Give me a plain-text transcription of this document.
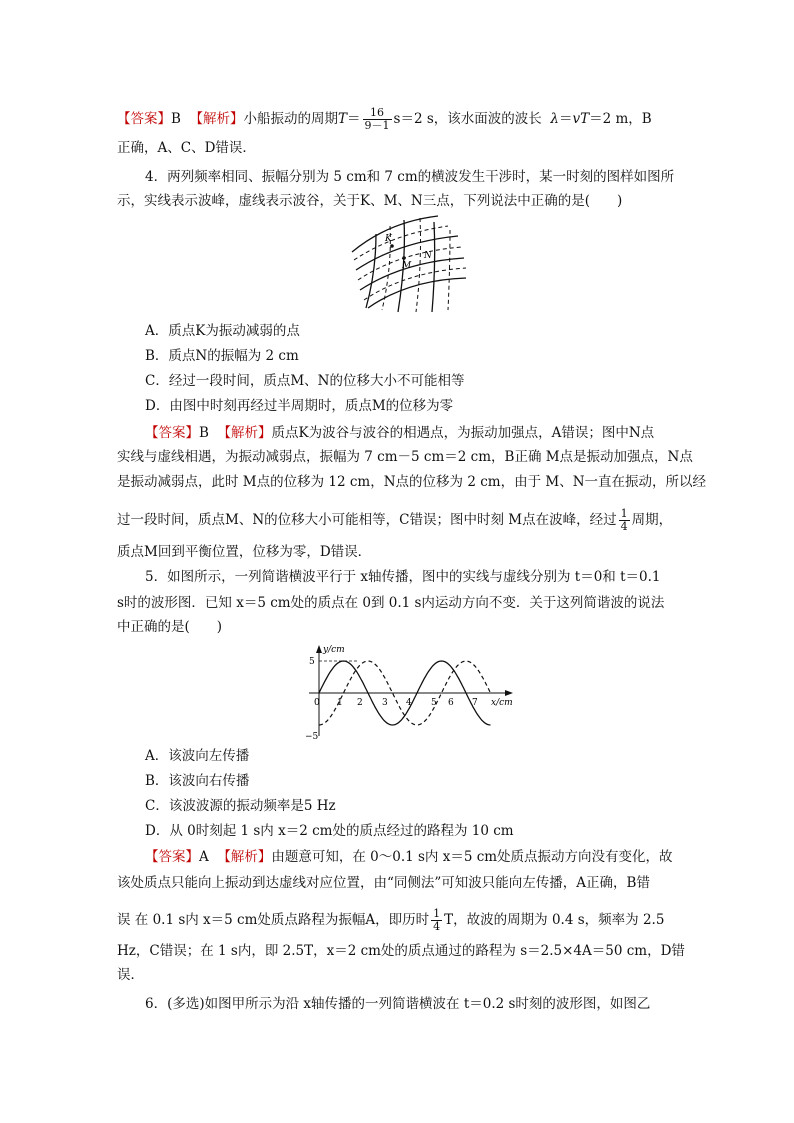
【答案】B 【解析】小船振动的周期$T= \frac{16}{9-1} s=2$ s，该水面波的波长 λ＝vT＝2 m，B
正确，A、C、D错误．
4．两列频率相同、振幅分别为 5 cm和 7 cm的横波发生干涉时，某一时刻的图样如图所
示，实线表示波峰，虚线表示波谷，关于K、M、N三点，下列说法中正确的是(　　)
K
M
N
A．质点K为振动减弱的点
B．质点N的振幅为 2 cm
C．经过一段时间，质点M、N的位移大小不可能相等
D．由图中时刻再经过半周期时，质点M的位移为零
【答案】B 【解析】质点K为波谷与波谷的相遇点，为振动加强点，A错误；图中N点
实线与虚线相遇，为振动减弱点，振幅为 7 cm－5 cm＝2 cm，B正确 M点是振动加强点，N点
是振动减弱点，此时 M点的位移为 12 cm，N点的位移为 2 cm，由于 M、N一直在振动，所以经
过一段时间，质点M、N的位移大小可能相等，C错误；图中时刻 M点在波峰，经过 $\frac{1}{4}$ 周期，
质点M回到平衡位置，位移为零，D错误．
5．如图所示，一列简谐横波平行于 x轴传播，图中的实线与虚线分别为 t＝0和 t＝0.1
s时的波形图．已知 x＝5 cm处的质点在 0到 0.1 s内运动方向不变．关于这列简谐波的说法
中正确的是(　　)
y/cm
x/cm
5
−5
0 1 2 3 4 5 6 7
A．该波向左传播
B．该波向右传播
C．该波波源的振动频率是5 Hz
D．从 0时刻起 1 s内 x＝2 cm处的质点经过的路程为 10 cm
【答案】A 【解析】由题意可知，在 0～0.1 s内 x＝5 cm处质点振动方向没有变化，故
该处质点只能向上振动到达虚线对应位置，由“同侧法”可知波只能向左传播，A正确，B错
误 在 0.1 s内 x＝5 cm处质点路程为振幅A，即历时 $\frac{1}{4}$ T，故波的周期为 0.4 s，频率为 2.5
Hz，C错误；在 1 s内，即 2.5T，x＝2 cm处的质点通过的路程为 s＝2.5×4A＝50 cm，D错
误．
6．(多选)如图甲所示为沿 x轴传播的一列简谐横波在 t＝0.2 s时刻的波形图，如图乙
